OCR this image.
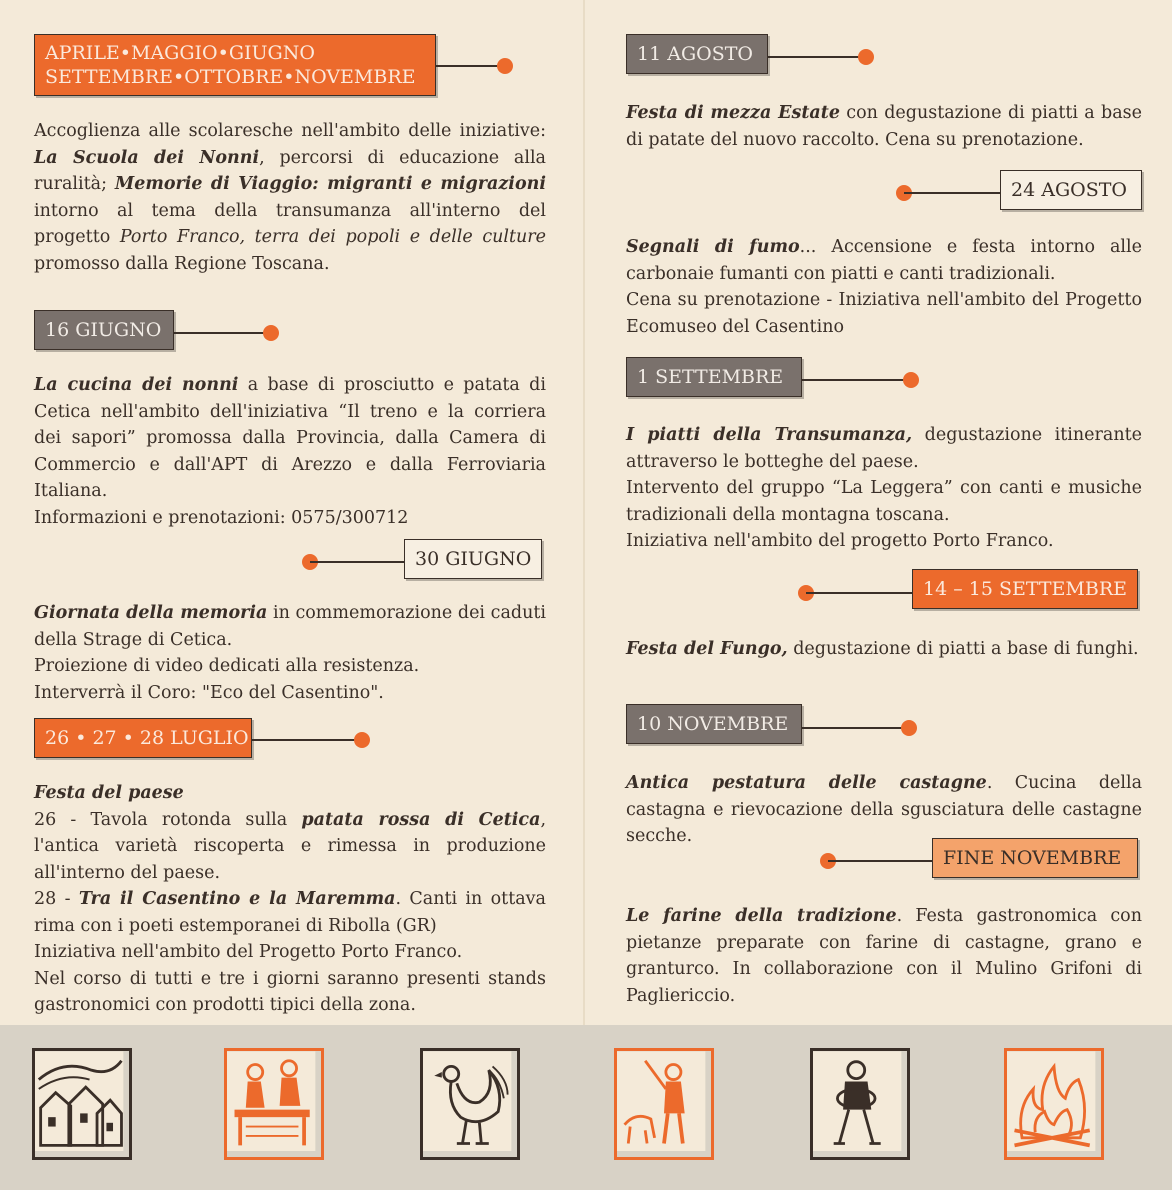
APRILE•MAGGIO•GIUGNO
SETTEMBRE•OTTOBRE•NOVEMBRE

Accoglienza alle scolaresche nell'ambito delle iniziative: La Scuola dei Nonni, percorsi di educazione alla ruralità; Memorie di Viaggio: migranti e migrazioni intorno al tema della transumanza all'interno del progetto Porto Franco, terra dei popoli e delle culture promosso dalla Regione Toscana.

16 GIUGNO

La cucina dei nonni a base di prosciutto e patata di Cetica nell'ambito dell'iniziativa “Il treno e la corriera dei sapori” promossa dalla Provincia, dalla Camera di Commercio e dall'APT di Arezzo e dalla Ferroviaria Italiana.

Informazioni e prenotazioni: 0575/300712

30 GIUGNO

Giornata della memoria in commemorazione dei caduti della Strage di Cetica.

Proiezione di video dedicati alla resistenza.

Interverrà il Coro: "Eco del Casentino".

26 • 27 • 28 LUGLIO

Festa del paese

26 - Tavola rotonda sulla patata rossa di Cetica, l'antica varietà riscoperta e rimessa in produzione all'interno del paese.

28 - Tra il Casentino e la Maremma. Canti in ottava rima con i poeti estemporanei di Ribolla (GR)

Iniziativa nell'ambito del Progetto Porto Franco.

Nel corso di tutti e tre i giorni saranno presenti stands gastronomici con prodotti tipici della zona.

11 AGOSTO

Festa di mezza Estate con degustazione di piatti a base di patate del nuovo raccolto. Cena su prenotazione.

24 AGOSTO

Segnali di fumo... Accensione e festa intorno alle carbonaie fumanti con piatti e canti tradizionali.

Cena su prenotazione - Iniziativa nell'ambito del Progetto Ecomuseo del Casentino

1 SETTEMBRE

I piatti della Transumanza, degustazione itinerante attraverso le botteghe del paese.

Intervento del gruppo “La Leggera” con canti e musiche tradizionali della montagna toscana.

Iniziativa nell'ambito del progetto Porto Franco.

14 – 15 SETTEMBRE

Festa del Fungo, degustazione di piatti a base di funghi.

10 NOVEMBRE

Antica pestatura delle castagne. Cucina della castagna e rievocazione della sgusciatura delle castagne secche.

FINE NOVEMBRE

Le farine della tradizione. Festa gastronomica con pietanze preparate con farine di castagne, grano e granturco. In collaborazione con il Mulino Grifoni di Pagliericcio.
